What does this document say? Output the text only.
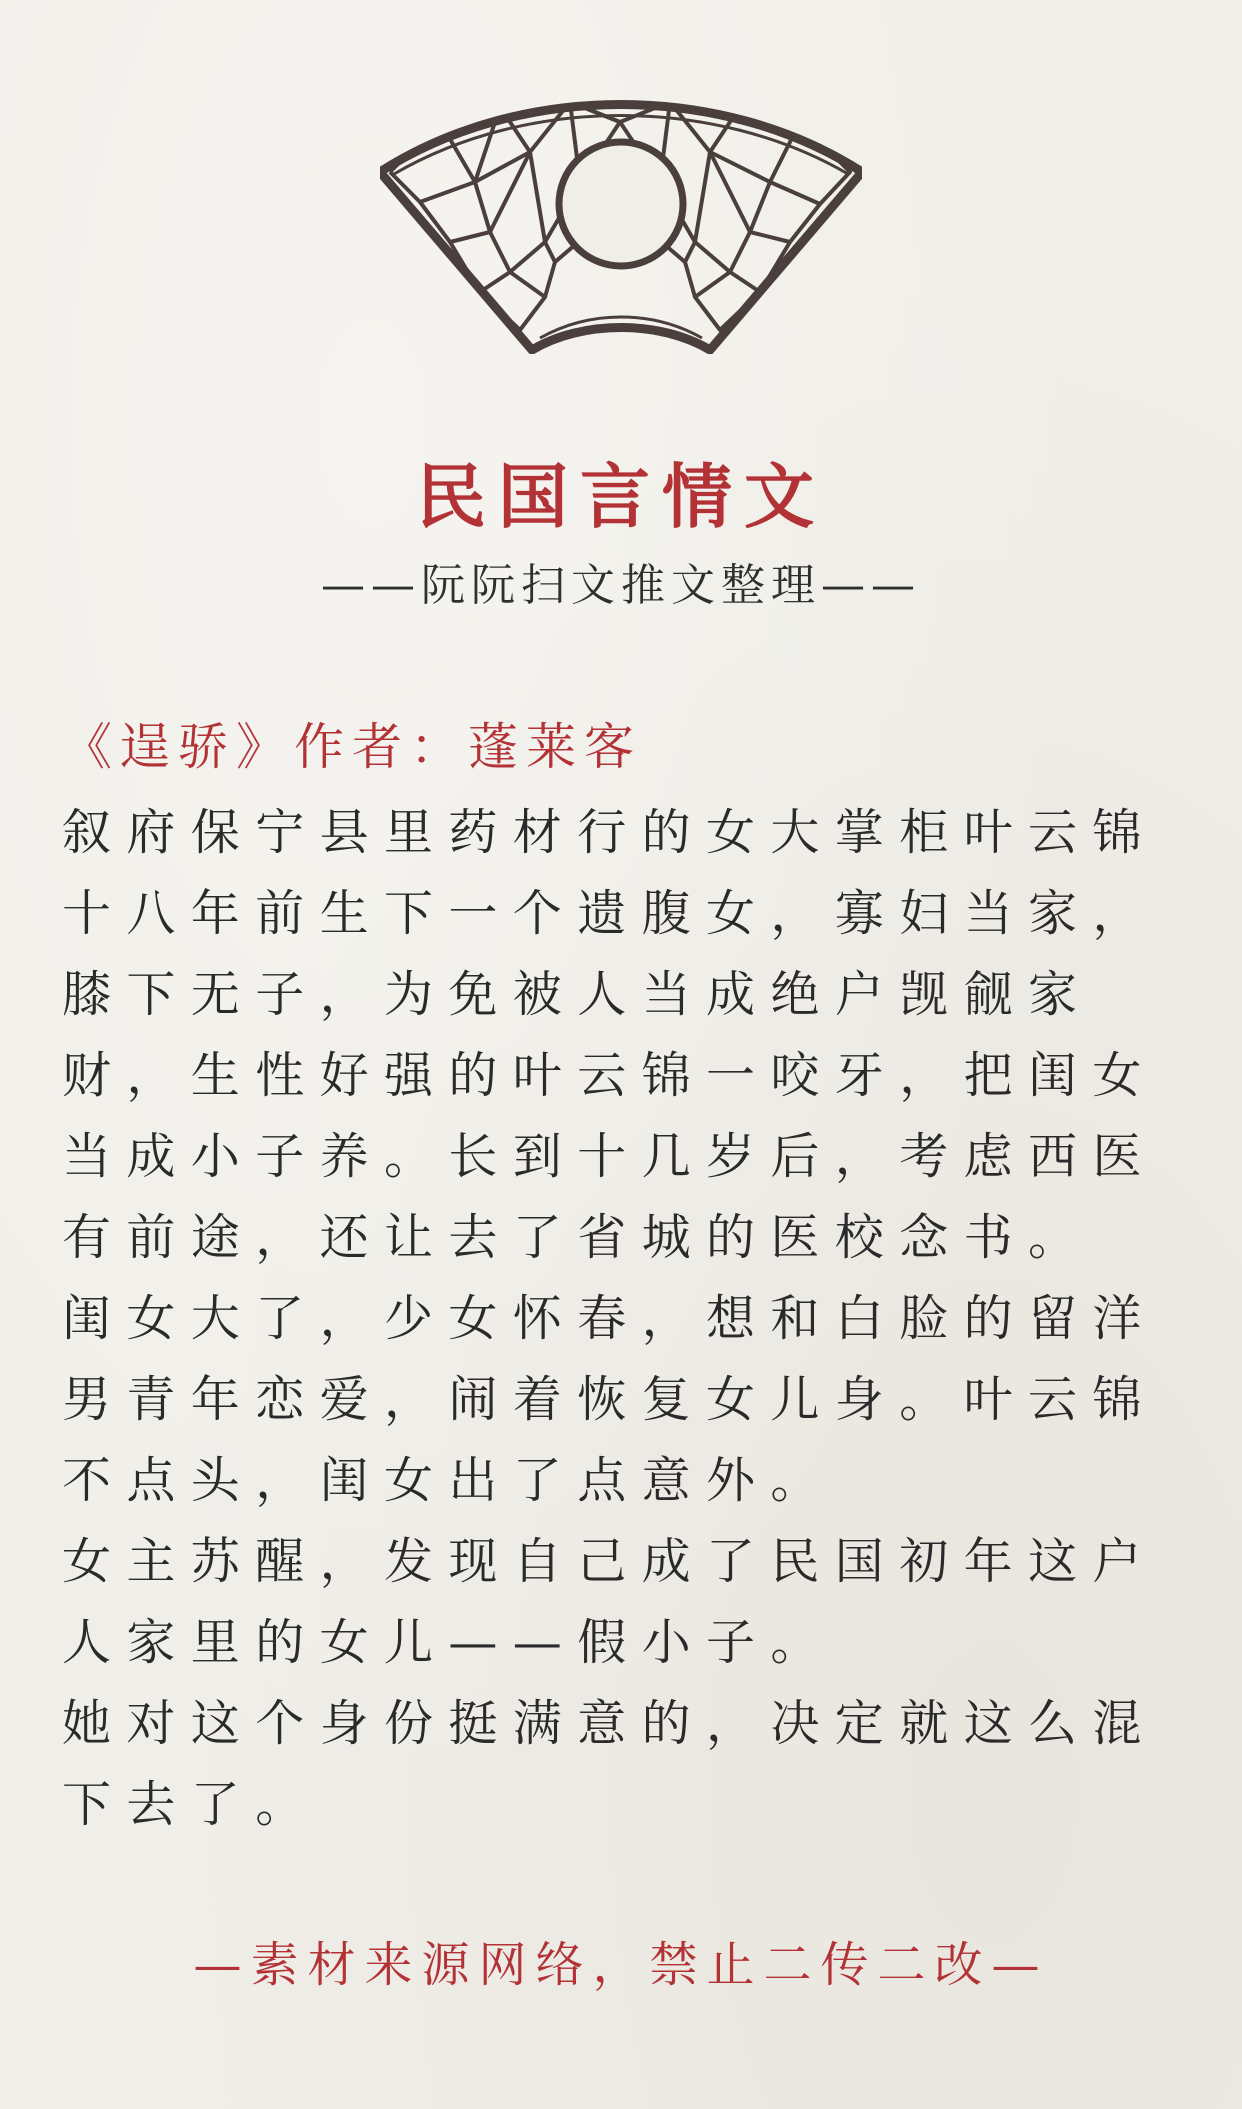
民国言情文
——阮阮扫文推文整理——
《逞骄》作者：蓬莱客
叙府保宁县里药材行的女大掌柜叶云锦
十八年前生下一个遗腹女，寡妇当家，
膝下无子，为免被人当成绝户觊觎家
财，生性好强的叶云锦一咬牙，把闺女
当成小子养。长到十几岁后，考虑西医
有前途，还让去了省城的医校念书。
闺女大了，少女怀春，想和白脸的留洋
男青年恋爱，闹着恢复女儿身。叶云锦
不点头，闺女出了点意外。
女主苏醒，发现自己成了民国初年这户
人家里的女儿——假小子。
她对这个身份挺满意的，决定就这么混
下去了。
—素材来源网络，禁止二传二改—
